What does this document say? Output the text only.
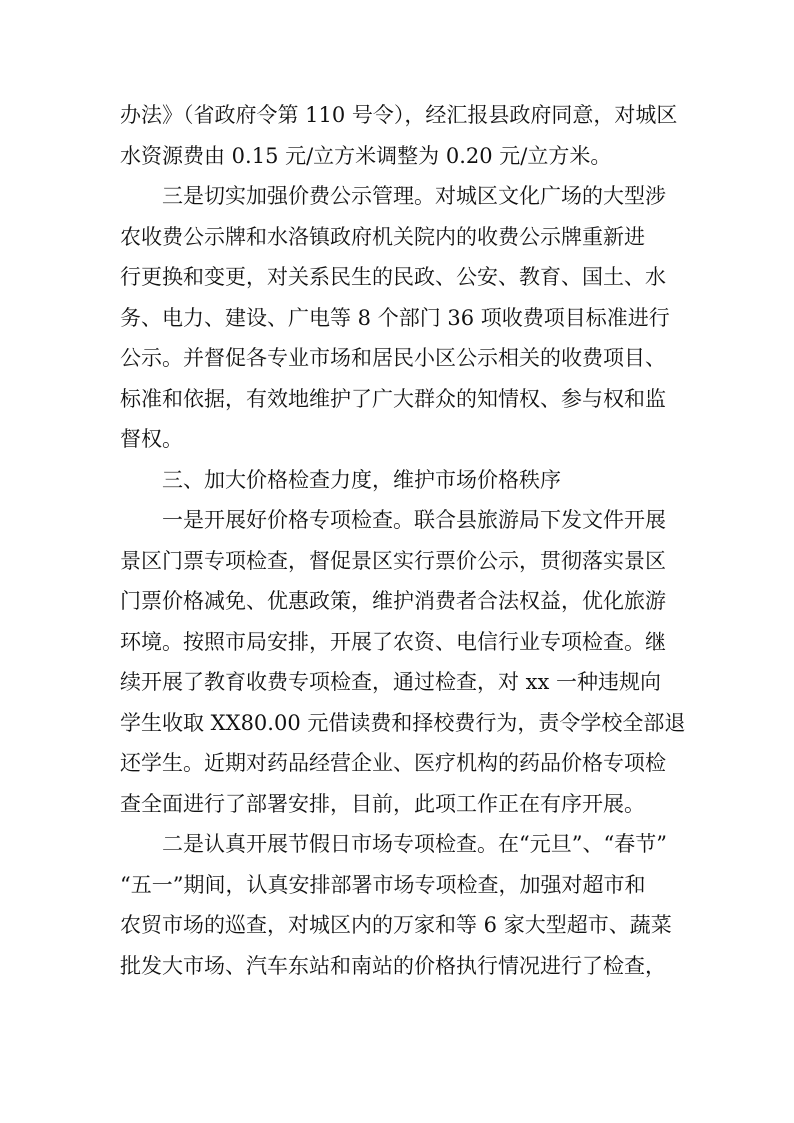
办法》（省政府令第 110 号令），经汇报县政府同意，对城区
水资源费由 0.15 元/立方米调整为 0.20 元/立方米。
三是切实加强价费公示管理。对城区文化广场的大型涉
农收费公示牌和水洛镇政府机关院内的收费公示牌重新进
行更换和变更，对关系民生的民政、公安、教育、国土、水
务、电力、建设、广电等 8 个部门 36 项收费项目标准进行
公示。并督促各专业市场和居民小区公示相关的收费项目、
标准和依据，有效地维护了广大群众的知情权、参与权和监
督权。
三、加大价格检查力度，维护市场价格秩序
一是开展好价格专项检查。联合县旅游局下发文件开展
景区门票专项检查，督促景区实行票价公示，贯彻落实景区
门票价格减免、优惠政策，维护消费者合法权益，优化旅游
环境。按照市局安排，开展了农资、电信行业专项检查。继
续开展了教育收费专项检查，通过检查，对 xx 一种违规向
学生收取 XX80.00 元借读费和择校费行为，责令学校全部退
还学生。近期对药品经营企业、医疗机构的药品价格专项检
查全面进行了部署安排，目前，此项工作正在有序开展。
二是认真开展节假日市场专项检查。在“元旦”、“春节”
“五一”期间，认真安排部署市场专项检查，加强对超市和
农贸市场的巡查，对城区内的万家和等 6 家大型超市、蔬菜
批发大市场、汽车东站和南站的价格执行情况进行了检查，
